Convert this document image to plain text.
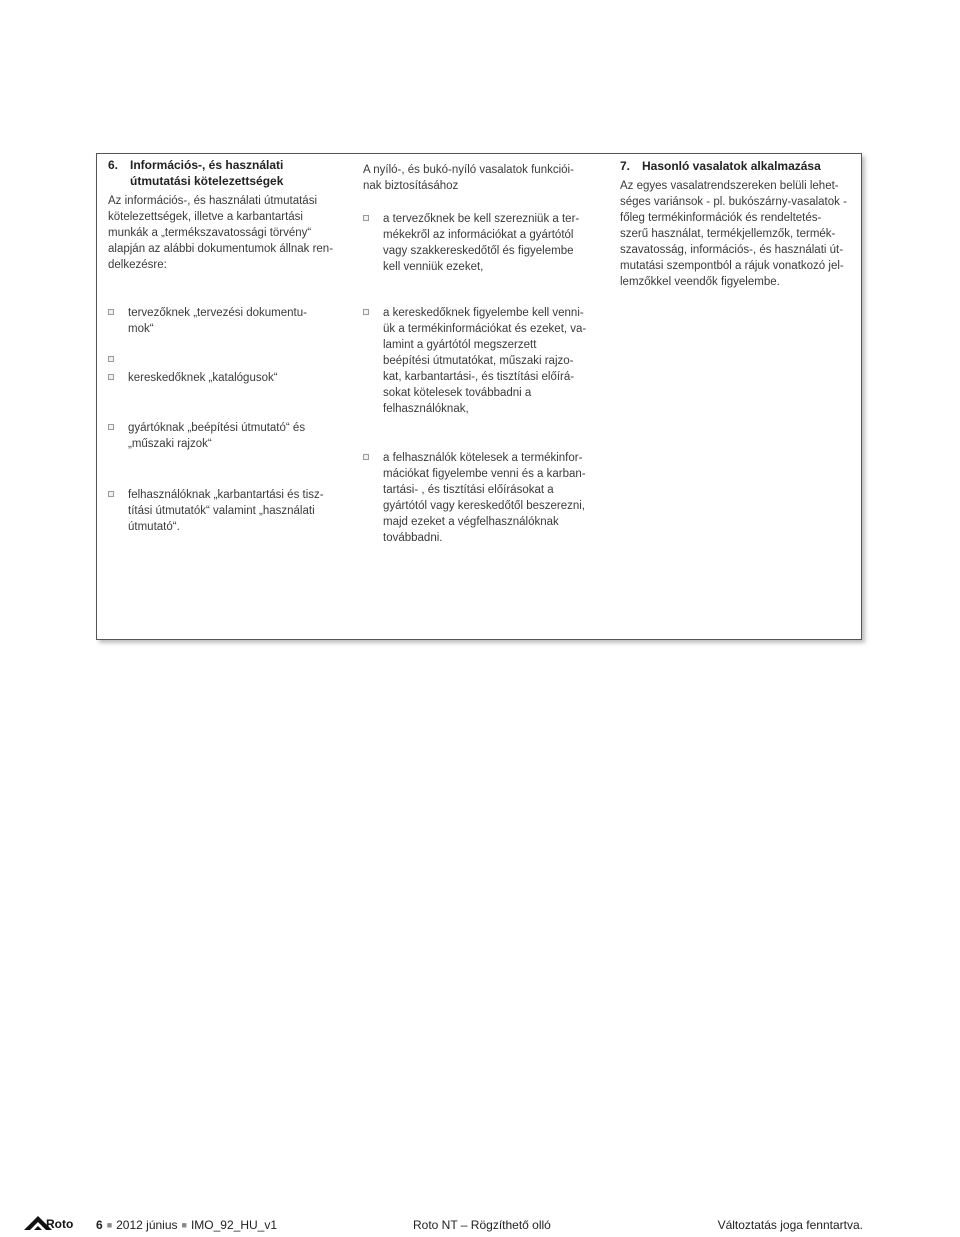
6. Információs-, és használati
útmutatási kötelezettségek

Az információs-, és használati útmutatási

kötelezettségek, illetve a karbantartási

munkák a „termékszavatossági törvény“

alapján az alábbi dokumentumok állnak ren-

delkezésre:

tervezőknek „tervezési dokumentu-
mok“
kereskedőknek „katalógusok“
gyártóknak „beépítési útmutató“ és
„műszaki rajzok“
felhasználóknak „karbantartási és tisz-
títási útmutatók“ valamint „használati
útmutató“.

A nyíló-, és bukó-nyíló vasalatok funkciói-

nak biztosításához

a tervezőknek be kell szerezniük a ter-
mékekről az információkat a gyártótól
vagy szakkereskedőtől és figyelembe
kell venniük ezeket,
a kereskedőknek figyelembe kell venni-
ük a termékinformációkat és ezeket, va-
lamint a gyártótól megszerzett
beépítési útmutatókat, műszaki rajzo-
kat, karbantartási-, és tisztítási előírá-
sokat kötelesek továbbadni a
felhasználóknak,
a felhasználók kötelesek a termékinfor-
mációkat figyelembe venni és a karban-
tartási- , és tisztítási előírásokat a
gyártótól vagy kereskedőtől beszerezni,
majd ezeket a végfelhasználóknak
továbbadni.
7. Hasonló vasalatok alkalmazása

Az egyes vasalatrendszereken belüli lehet-

séges variánsok - pl. bukószárny-vasalatok -

főleg termékinformációk és rendeltetés-

szerű használat, termékjellemzők, termék-

szavatosság, információs-, és használati út-

mutatási szempontból a rájuk vonatkozó jel-

lemzőkkel veendők figyelembe.

Roto 6 ■ 2012 június ■ IMO_92_HU_v1	Roto NT – Rögzíthető olló	Változtatás joga fenntartva.
